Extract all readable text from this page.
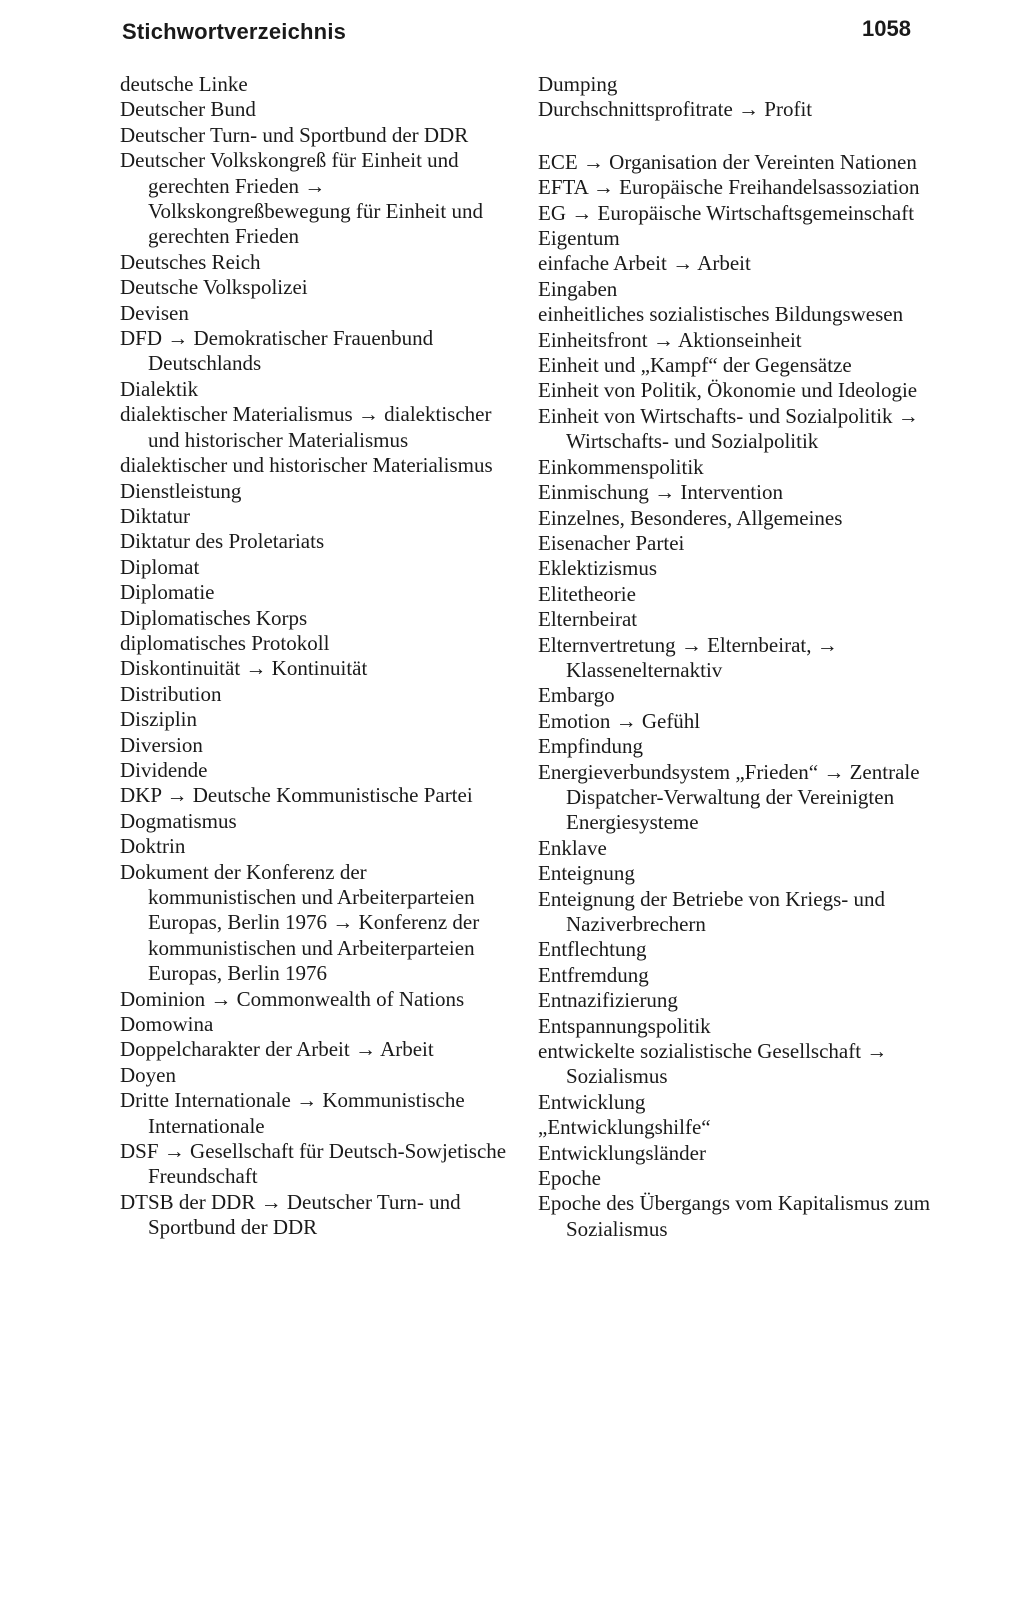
Stichwortverzeichnis	1058
deutsche Linke
Deutscher Bund
Deutscher Turn- und Sportbund der DDR
Deutscher Volkskongreß für Einheit und gerechten Frieden → Volkskongreßbewegung für Einheit und gerechten Frieden
Deutsches Reich
Deutsche Volkspolizei
Devisen
DFD → Demokratischer Frauenbund Deutschlands
Dialektik
dialektischer Materialismus → dialektischer und historischer Materialismus
dialektischer und historischer Materialismus
Dienstleistung
Diktatur
Diktatur des Proletariats
Diplomat
Diplomatie
Diplomatisches Korps
diplomatisches Protokoll
Diskontinuität → Kontinuität
Distribution
Disziplin
Diversion
Dividende
DKP → Deutsche Kommunistische Partei
Dogmatismus
Doktrin
Dokument der Konferenz der kommunistischen und Arbeiterparteien Europas, Berlin 1976 → Konferenz der kommunistischen und Arbeiterparteien Europas, Berlin 1976
Dominion → Commonwealth of Nations
Domowina
Doppelcharakter der Arbeit → Arbeit
Doyen
Dritte Internationale → Kommunistische Internationale
DSF → Gesellschaft für Deutsch-Sowjetische Freundschaft
DTSB der DDR → Deutscher Turn- und Sportbund der DDR
Dumping
Durchschnittsprofitrate → Profit
ECE → Organisation der Vereinten Nationen
EFTA → Europäische Freihandelsassoziation
EG → Europäische Wirtschaftsgemeinschaft
Eigentum
einfache Arbeit → Arbeit
Eingaben
einheitliches sozialistisches Bildungswesen
Einheitsfront → Aktionseinheit
Einheit und „Kampf“ der Gegensätze
Einheit von Politik, Ökonomie und Ideologie
Einheit von Wirtschafts- und Sozialpolitik → Wirtschafts- und Sozialpolitik
Einkommenspolitik
Einmischung → Intervention
Einzelnes, Besonderes, Allgemeines
Eisenacher Partei
Eklektizismus
Elitetheorie
Elternbeirat
Elternvertretung → Elternbeirat, → Klassenelternaktiv
Embargo
Emotion → Gefühl
Empfindung
Energieverbundsystem „Frieden“ → Zentrale Dispatcher-Verwaltung der Vereinigten Energiesysteme
Enklave
Enteignung
Enteignung der Betriebe von Kriegs- und Naziverbrechern
Entflechtung
Entfremdung
Entnazifizierung
Entspannungspolitik
entwickelte sozialistische Gesellschaft → Sozialismus
Entwicklung
„Entwicklungshilfe“
Entwicklungsländer
Epoche
Epoche des Übergangs vom Kapitalismus zum Sozialismus
